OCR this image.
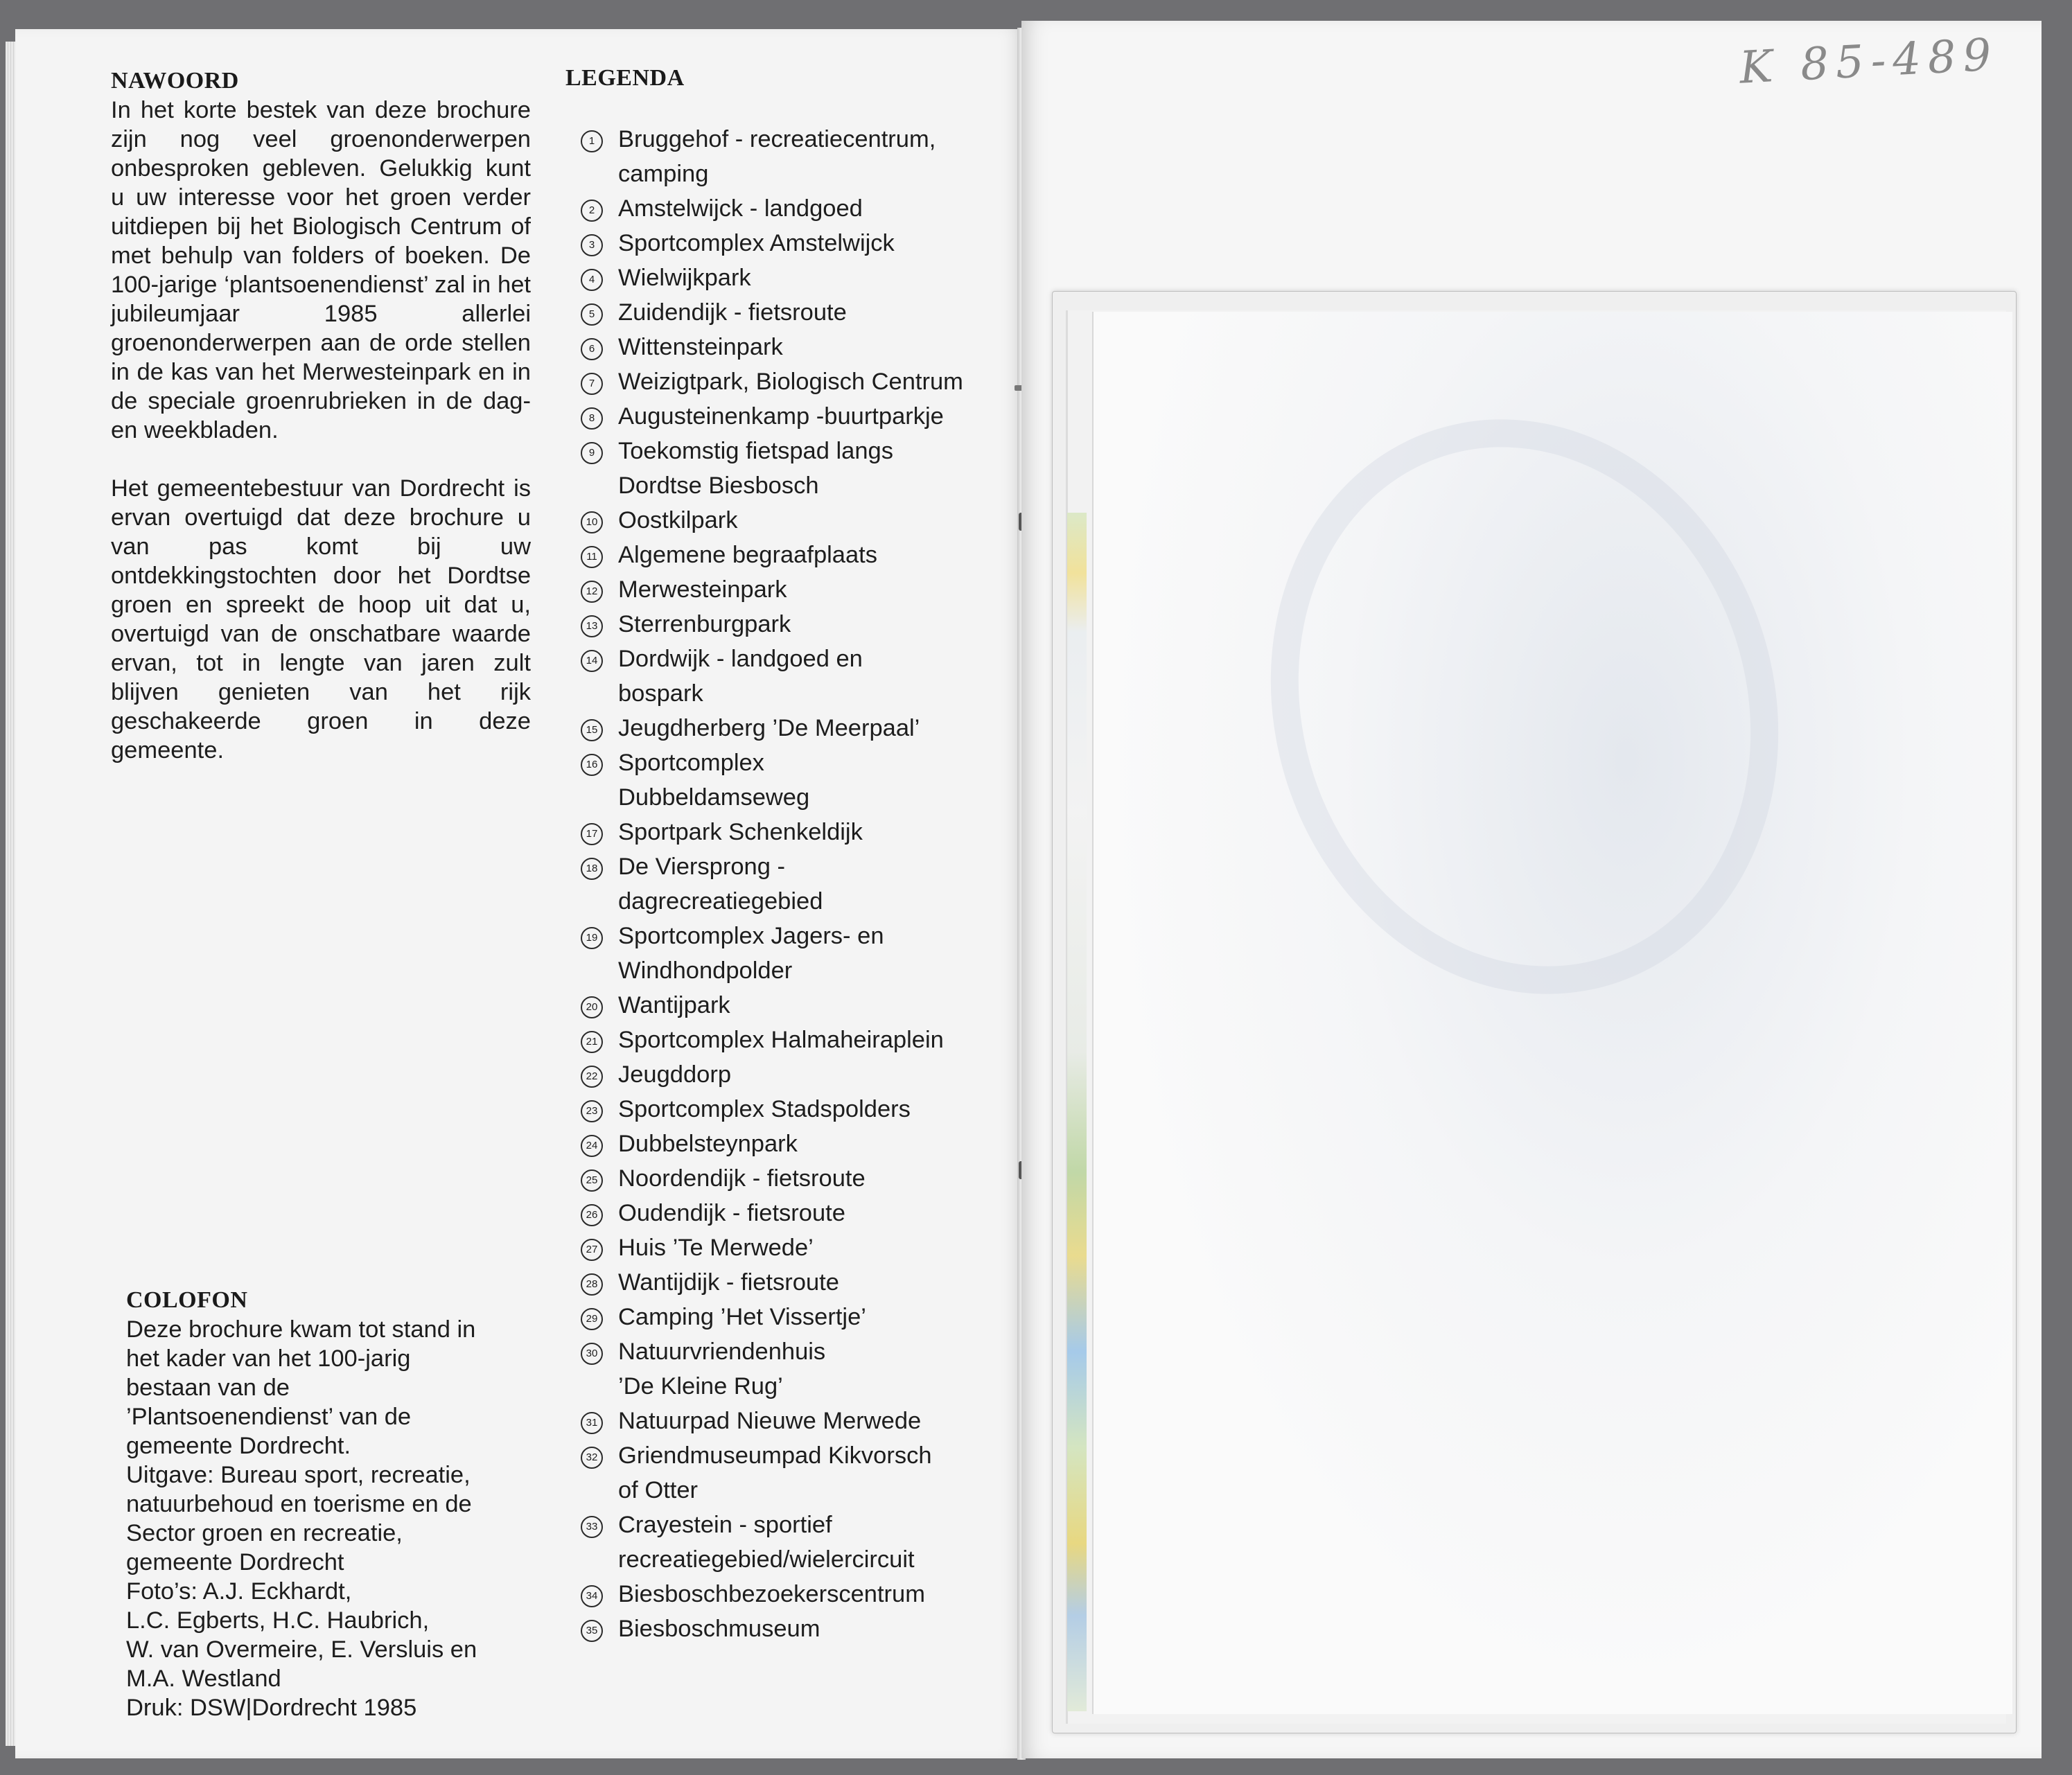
NAWOORD

In het korte bestek van deze brochure zijn nog veel groenonderwerpen onbesproken gebleven. Gelukkig kunt u uw interesse voor het groen verder uitdiepen bij het Biologisch Centrum of met behulp van folders of boeken. De 100-jarige ‘plantsoenendienst’ zal in het jubileumjaar 1985 allerlei groenonderwerpen aan de orde stellen in de kas van het Merwesteinpark en in de speciale groenrubrieken in de dag- en weekbladen.

Het gemeentebestuur van Dordrecht is ervan overtuigd dat deze brochure u van pas komt bij uw ontdekkingstochten door het Dordtse groen en spreekt de hoop uit dat u, overtuigd van de onschatbare waarde ervan, tot in lengte van jaren zult blijven genieten van het rijk geschakeerde groen in deze gemeente.

COLOFON

Deze brochure kwam tot stand in

het kader van het 100-jarig

bestaan van de

’Plantsoenendienst’ van de

gemeente Dordrecht.

Uitgave: Bureau sport, recreatie,

natuurbehoud en toerisme en de

Sector groen en recreatie,

gemeente Dordrecht

Foto’s: A.J. Eckhardt,

L.C. Egberts, H.C. Haubrich,

W. van Overmeire, E. Versluis en

M.A. Westland

Druk: DSW|Dordrecht 1985

LEGENDA
1 Bruggehof - recreatiecentrum,
camping
2 Amstelwijck - landgoed
3 Sportcomplex Amstelwijck
4 Wielwijkpark
5 Zuidendijk - fietsroute
6 Wittensteinpark
7 Weizigtpark, Biologisch Centrum
8 Augusteinenkamp -buurtparkje
9 Toekomstig fietspad langs
Dordtse Biesbosch
10 Oostkilpark
11 Algemene begraafplaats
12 Merwesteinpark
13 Sterrenburgpark
14 Dordwijk - landgoed en
bospark
15 Jeugdherberg ’De Meerpaal’
16 Sportcomplex
Dubbeldamseweg
17 Sportpark Schenkeldijk
18 De Viersprong -
dagrecreatiegebied
19 Sportcomplex Jagers- en
Windhondpolder
20 Wantijpark
21 Sportcomplex Halmaheiraplein
22 Jeugddorp
23 Sportcomplex Stadspolders
24 Dubbelsteynpark
25 Noordendijk - fietsroute
26 Oudendijk - fietsroute
27 Huis ’Te Merwede’
28 Wantijdijk - fietsroute
29 Camping ’Het Vissertje’
30 Natuurvriendenhuis
’De Kleine Rug’
31 Natuurpad Nieuwe Merwede
32 Griendmuseumpad Kikvorsch
of Otter
33 Crayestein - sportief
recreatiegebied/wielercircuit
34 Biesboschbezoekerscentrum
35 Biesboschmuseum
K 85-489
